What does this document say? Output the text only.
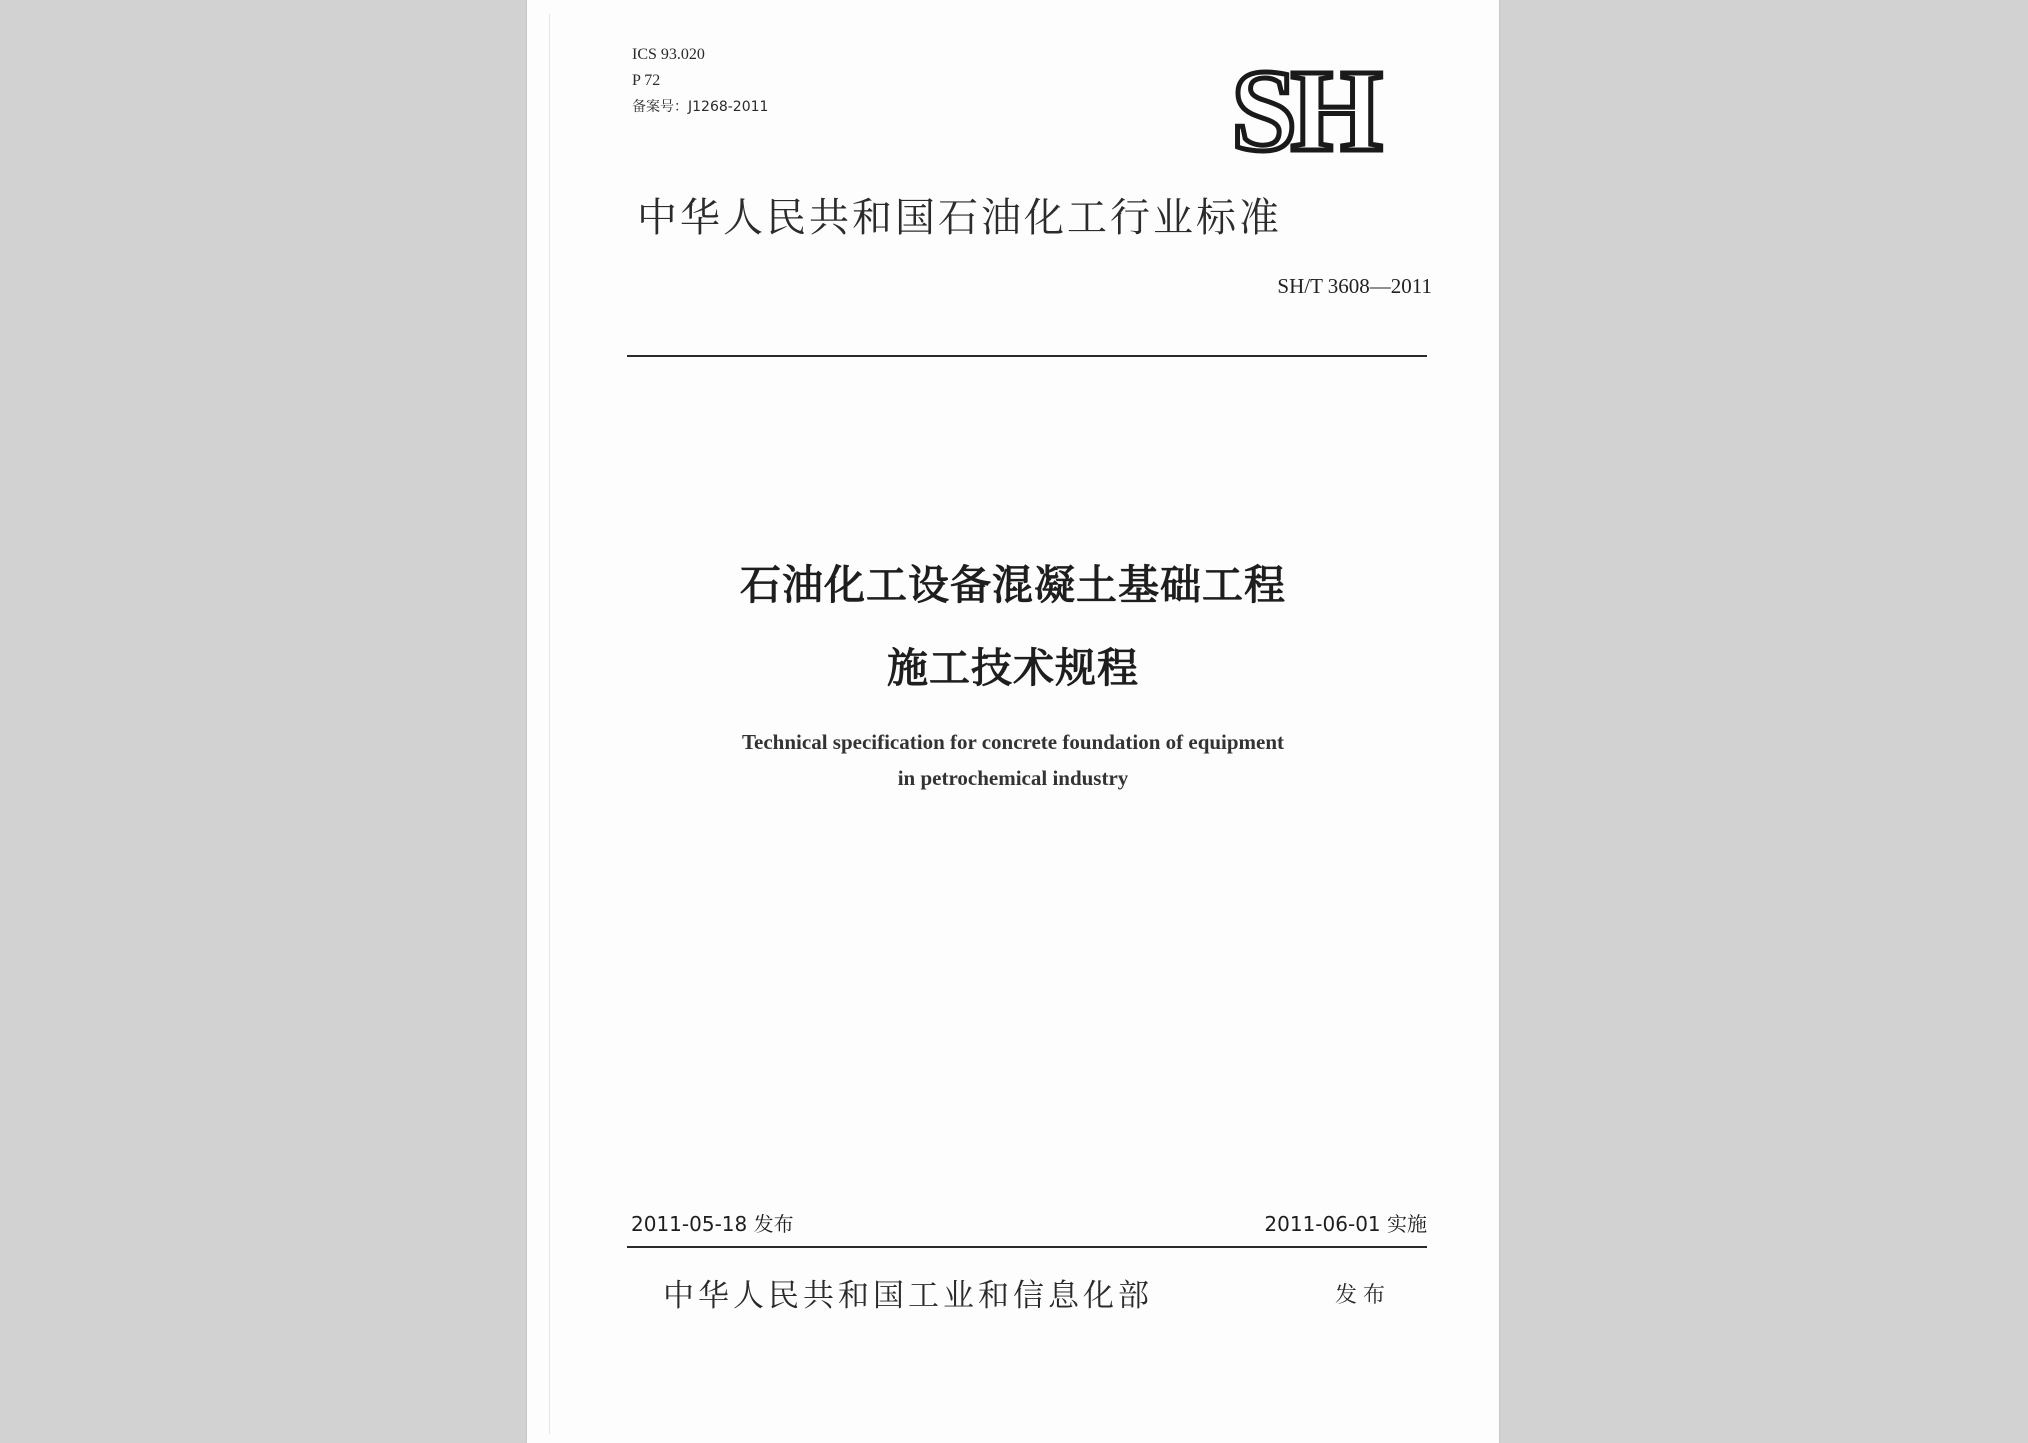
ICS 93.020
P 72
备案号：J1268-2011	SH
中华人民共和国石油化工行业标准
SH/T 3608—2011
石油化工设备混凝土基础工程
施工技术规程
Technical specification for concrete foundation of equipment
in petrochemical industry
2011-05-18 发布	2011-06-01 实施
中华人民共和国工业和信息化部	发布
